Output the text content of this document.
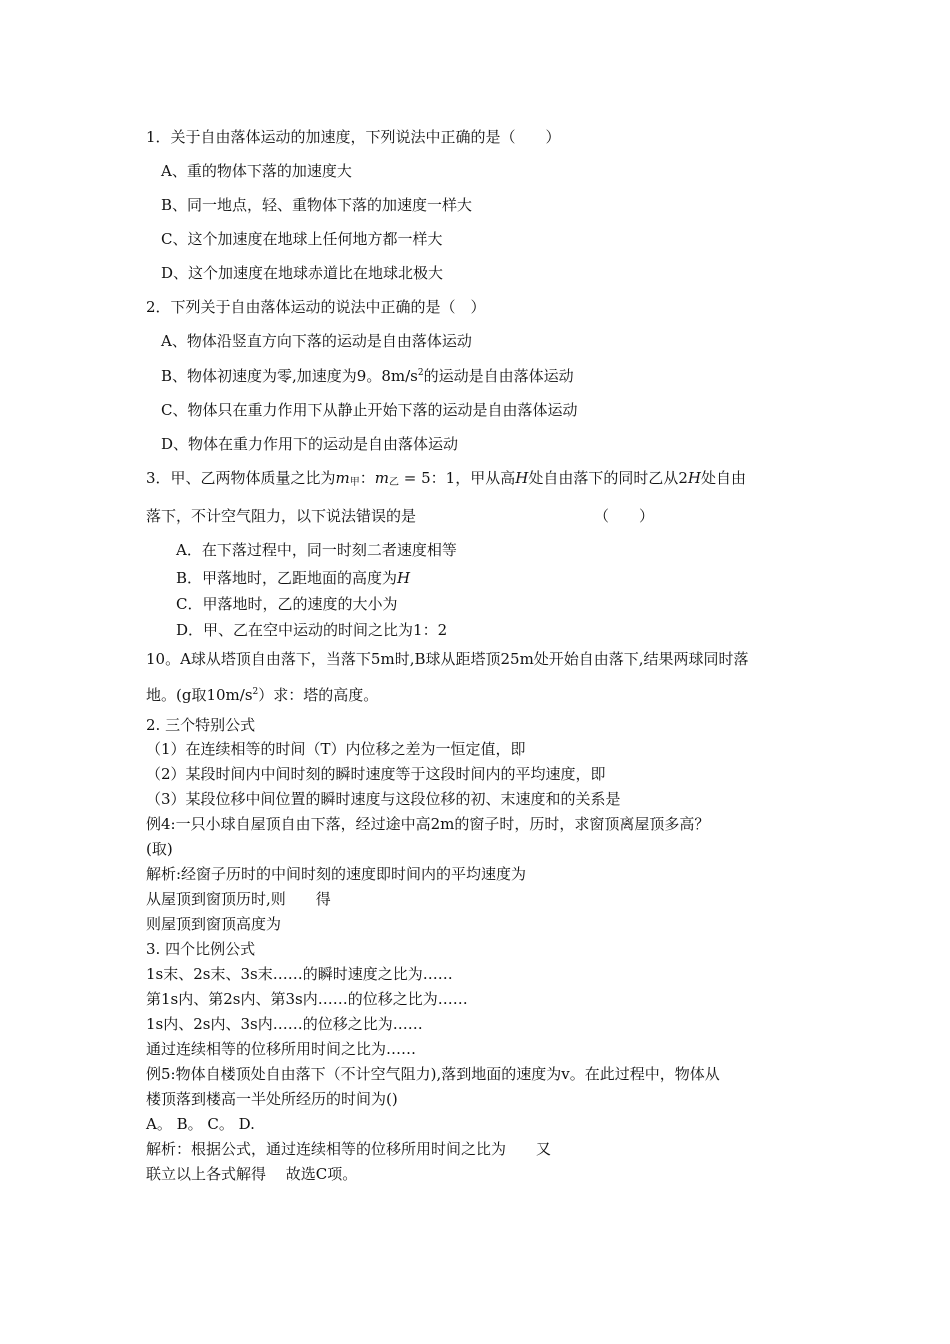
1．关于自由落体运动的加速度，下列说法中正确的是（　　）
A、重的物体下落的加速度大
B、同一地点，轻、重物体下落的加速度一样大
C、这个加速度在地球上任何地方都一样大
D、这个加速度在地球赤道比在地球北极大
2．下列关于自由落体运动的说法中正确的是（　）
A、物体沿竖直方向下落的运动是自由落体运动
B、物体初速度为零,加速度为9。$8m/s^2$的运动是自由落体运动
C、物体只在重力作用下从静止开始下落的运动是自由落体运动
D、物体在重力作用下的运动是自由落体运动
3．甲、乙两物体质量之比为$m_甲$：$m_乙 = 5$：1，甲从高H处自由落下的同时乙从2H处自由
落下，不计空气阻力，以下说法错误的是	（　　）
A．在下落过程中，同一时刻二者速度相等
B．甲落地时，乙距地面的高度为H
C．甲落地时，乙的速度的大小为
D．甲、乙在空中运动的时间之比为1：2
10。A球从塔顶自由落下，当落下5m时,B球从距塔顶25m处开始自由落下,结果两球同时落
地。(g取$10m/s^2$）求：塔的高度。
2. 三个特别公式
（1）在连续相等的时间（T）内位移之差为一恒定值，即
（2）某段时间内中间时刻的瞬时速度等于这段时间内的平均速度，即
（3）某段位移中间位置的瞬时速度与这段位移的初、末速度和的关系是
例4:一只小球自屋顶自由下落，经过途中高2m的窗子时，历时，求窗顶离屋顶多高？
(取)
解析:经窗子历时的中间时刻的速度即时间内的平均速度为
从屋顶到窗顶历时,则　　得
则屋顶到窗顶高度为
3. 四个比例公式
1s末、2s末、3s末……的瞬时速度之比为……
第1s内、第2s内、第3s内……的位移之比为……
1s内、2s内、3s内……的位移之比为……
通过连续相等的位移所用时间之比为……
例5:物体自楼顶处自由落下（不计空气阻力),落到地面的速度为v。在此过程中，物体从
楼顶落到楼高一半处所经历的时间为()
A。 B。 C。 D.
解析：根据公式，通过连续相等的位移所用时间之比为　　又
联立以上各式解得　 故选C项。
